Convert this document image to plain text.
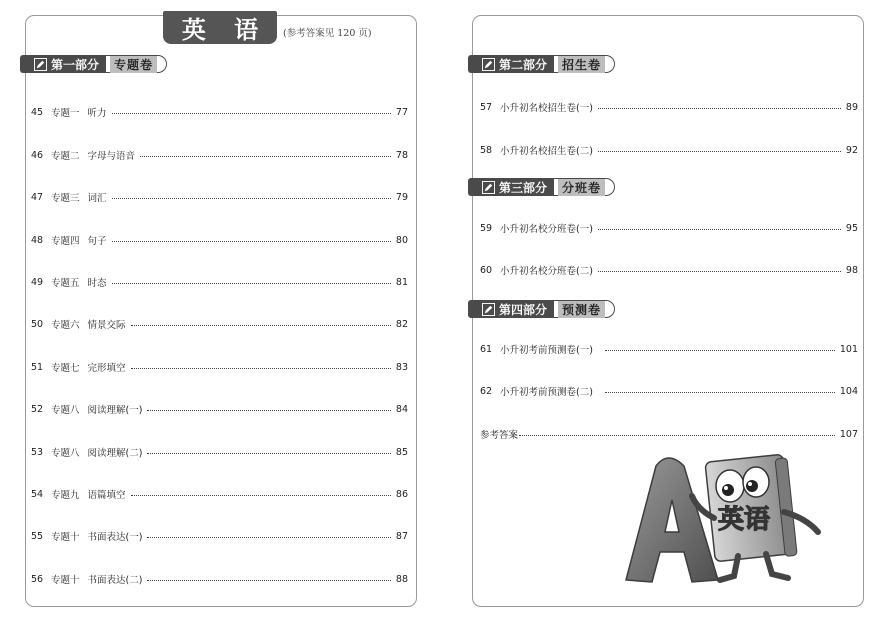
英 语	(参考答案见 120 页)
第一部分	专题卷	第二部分	招生卷
第三部分	分班卷
第四部分	预测卷
45 专题一 听力	77
46 专题二 字母与语音	78
47 专题三 词汇	79
48 专题四 句子	80
49 专题五 时态	81
50 专题六 情景交际	82
51 专题七 完形填空	83
52 专题八 阅读理解(一)	84
53 专题八 阅读理解(二)	85
54 专题九 语篇填空	86
55 专题十 书面表达(一)	87
56 专题十 书面表达(二)	88
57 小升初名校招生卷(一)	89
58 小升初名校招生卷(二)	92
59 小升初名校分班卷(一)	95
60 小升初名校分班卷(二)	98
61 小升初考前预测卷(一)	101
62 小升初考前预测卷(二)	104
参考答案	107
英语
